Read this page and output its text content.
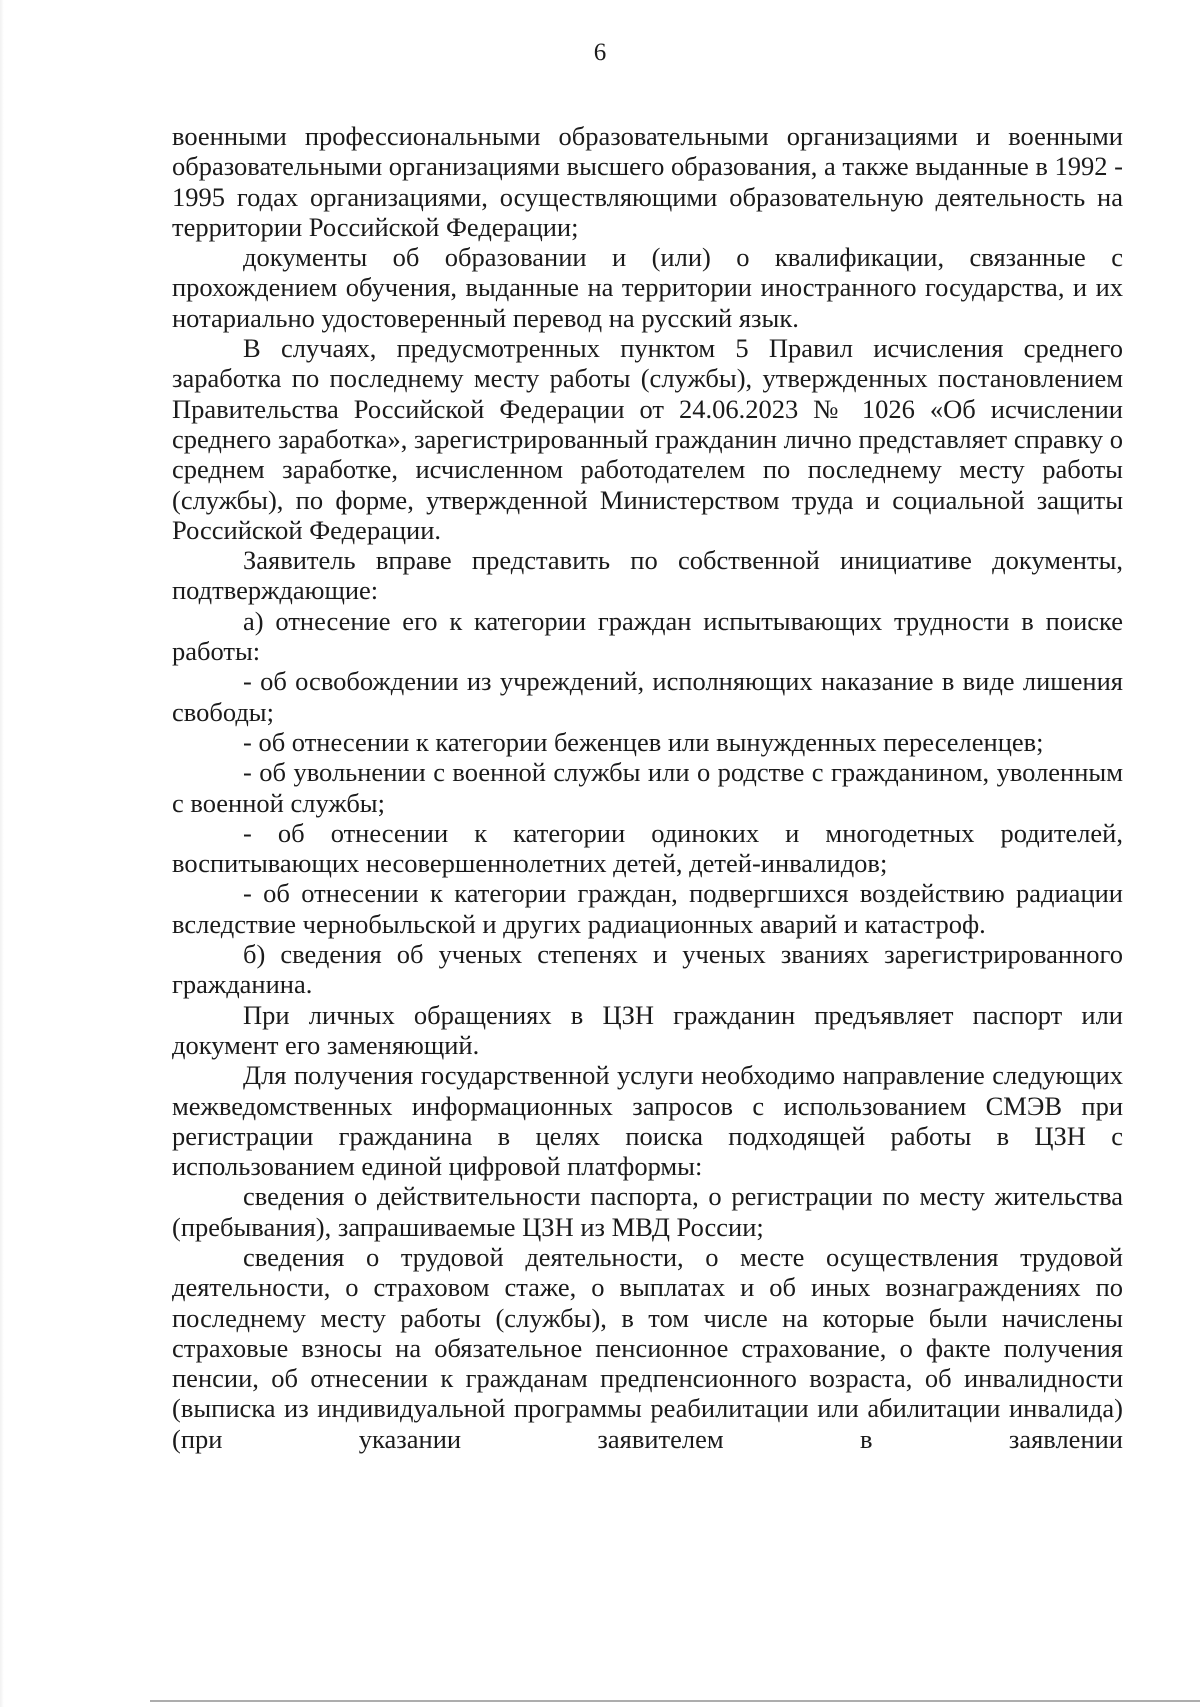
6

военными профессиональными образовательными организациями и военными образовательными организациями высшего образования, а также выданные в 1992 - 1995 годах организациями, осуществляющими образовательную деятельность на территории Российской Федерации;

документы об образовании и (или) о квалификации, связанные с прохождением обучения, выданные на территории иностранного государства, и их нотариально удостоверенный перевод на русский язык.

В случаях, предусмотренных пунктом 5 Правил исчисления среднего заработка по последнему месту работы (службы), утвержденных постановлением Правительства Российской Федерации от 24.06.2023 № 1026 «Об исчислении среднего заработка», зарегистрированный гражданин лично представляет справку о среднем заработке, исчисленном работодателем по последнему месту работы (службы), по форме, утвержденной Министерством труда и социальной защиты Российской Федерации.

Заявитель вправе представить по собственной инициативе документы, подтверждающие:

а) отнесение его к категории граждан испытывающих трудности в поиске работы:

- об освобождении из учреждений, исполняющих наказание в виде лишения свободы;

- об отнесении к категории беженцев или вынужденных переселенцев;

- об увольнении с военной службы или о родстве с гражданином, уволенным с военной службы;

- об отнесении к категории одиноких и многодетных родителей, воспитывающих несовершеннолетних детей, детей-инвалидов;

- об отнесении к категории граждан, подвергшихся воздействию радиации вследствие чернобыльской и других радиационных аварий и катастроф.

б) сведения об ученых степенях и ученых званиях зарегистрированного гражданина.

При личных обращениях в ЦЗН гражданин предъявляет паспорт или документ его заменяющий.

Для получения государственной услуги необходимо направление следующих межведомственных информационных запросов с использованием СМЭВ при регистрации гражданина в целях поиска подходящей работы в ЦЗН с использованием единой цифровой платформы:

сведения о действительности паспорта, о регистрации по месту жительства (пребывания), запрашиваемые ЦЗН из МВД России;

сведения о трудовой деятельности, о месте осуществления трудовой деятельности, о страховом стаже, о выплатах и об иных вознаграждениях по последнему месту работы (службы), в том числе на которые были начислены страховые взносы на обязательное пенсионное страхование, о факте получения пенсии, об отнесении к гражданам предпенсионного возраста, об инвалидности (выписка из индивидуальной программы реабилитации или абилитации инвалида) (при указании заявителем в заявлении
